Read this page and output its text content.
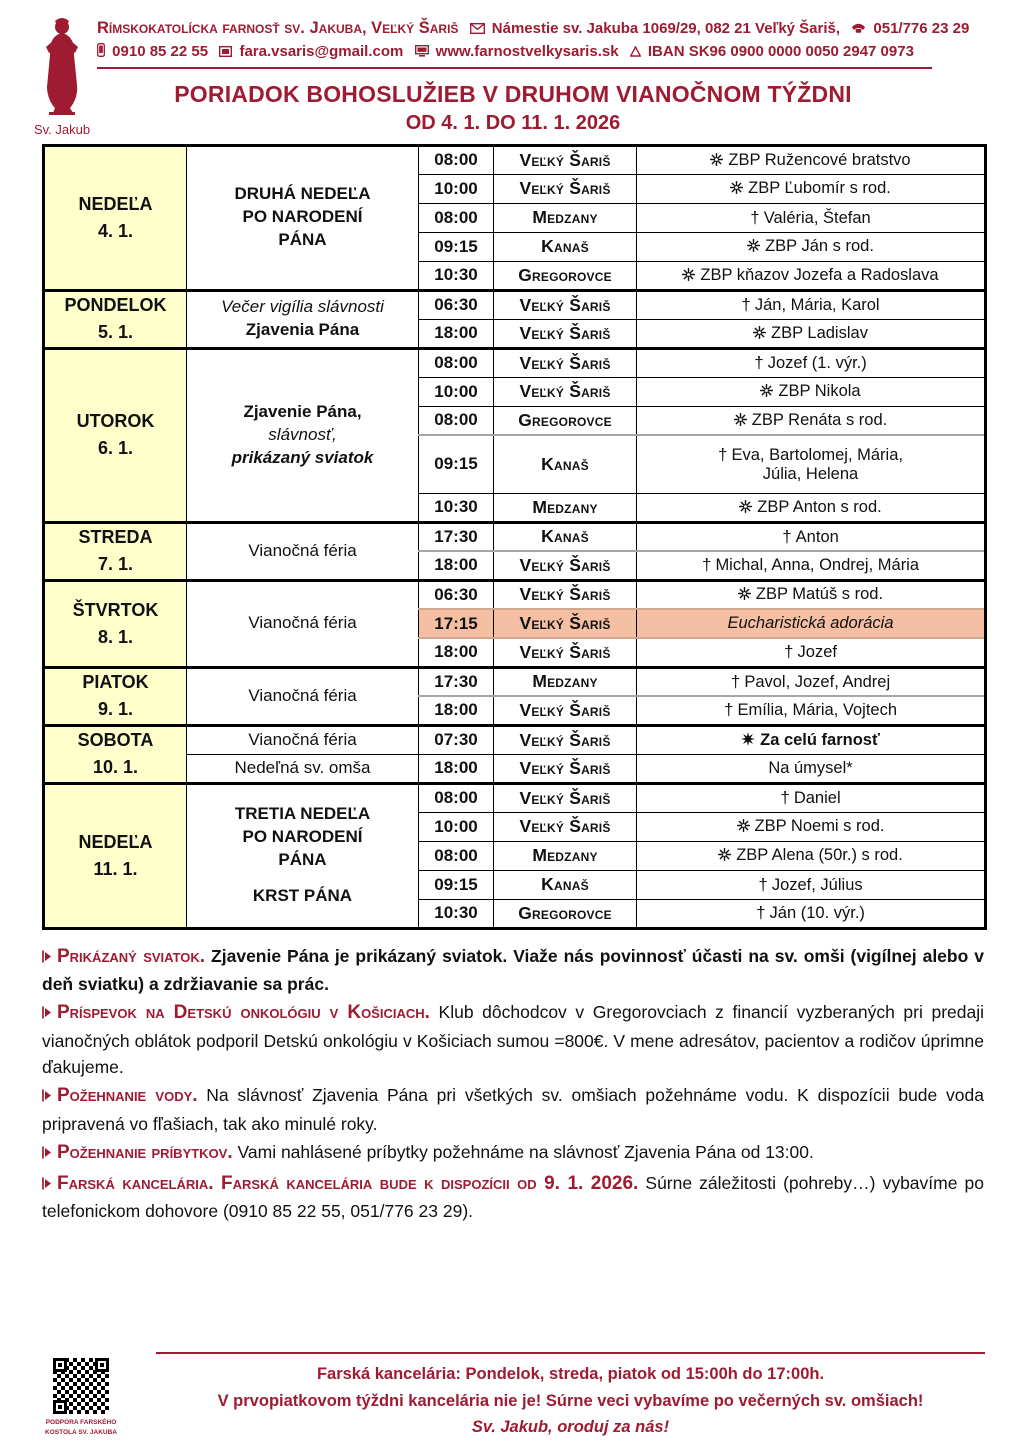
Sv. Jakub
Rímskokatolícka farnosť sv. Jakuba, Veľký Šariš Námestie sv. Jakuba 1069/29, 082 21 Veľký Šariš, 051/776 23 29
0910 85 22 55 fara.vsaris@gmail.com www.farnostvelkysaris.sk IBAN SK96 0900 0000 0050 2947 0973
PORIADOK BOHOSLUŽIEB V DRUHOM VIANOČNOM TÝŽDNI
OD 4. 1. DO 11. 1. 2026
NEDEĽA
4. 1.

DRUHÁ NEDEĽA
PO NARODENÍ
PÁNA
	08:00	Veľký Šariš	ZBP Ružencové bratstvo
		10:00	Veľký Šariš	ZBP Ľubomír s rod.
		08:00	Medzany	† Valéria, Štefan
		09:15	Kanaš	ZBP Ján s rod.
		10:30	Gregorovce	ZBP kňazov Jozefa a Radoslava

PONDELOK
5. 1.

Večer vigília slávnosti
Zjavenia Pána
	06:30	Veľký Šariš	† Ján, Mária, Karol
		18:00	Veľký Šariš	ZBP Ladislav

UTOROK
6. 1.

Zjavenie Pána,
slávnosť,
prikázaný sviatok
	08:00	Veľký Šariš	† Jozef (1. výr.)
		10:00	Veľký Šariš	ZBP Nikola
		08:00	Gregorovce	ZBP Renáta s rod.
		09:15	Kanaš	† Eva, Bartolomej, Mária,
Júlia, Helena
		10:30	Medzany	ZBP Anton s rod.

STREDA
7. 1.	Vianočná féria	17:30	Kanaš	† Anton
		18:00	Veľký Šariš	† Michal, Anna, Ondrej, Mária

ŠTVRTOK
8. 1.	Vianočná féria	06:30	Veľký Šariš	ZBP Matúš s rod.
		17:15	Veľký Šariš	Eucharistická adorácia
		18:00	Veľký Šariš	† Jozef

PIATOK
9. 1.	Vianočná féria	17:30	Medzany	† Pavol, Jozef, Andrej
		18:00	Veľký Šariš	† Emília, Mária, Vojtech

SOBOTA
10. 1.	Vianočná féria	07:30	Veľký Šariš	Za celú farnosť
	Nedeľná sv. omša	18:00	Veľký Šariš	Na úmysel*

NEDEĽA
11. 1.

TRETIA NEDEĽA
PO NARODENÍ
PÁNA
KRST PÁNA
	08:00	Veľký Šariš	† Daniel
		10:00	Veľký Šariš	ZBP Noemi s rod.
		08:00	Medzany	ZBP Alena (50r.) s rod.
		09:15	Kanaš	† Jozef, Július
		10:30	Gregorovce	† Ján (10. výr.)
Prikázaný sviatok. Zjavenie Pána je prikázaný sviatok. Viaže nás povinnosť účasti na sv. omši (vigílnej alebo v deň sviatku) a zdržiavanie sa prác.
Príspevok na Detskú onkológiu v Košiciach. Klub dôchodcov v Gregorovciach z financií vyzberaných pri predaji vianočných oblátok podporil Detskú onkológiu v Košiciach sumou =800€. V mene adresátov, pacientov a rodičov úprimne ďakujeme.
Požehnanie vody. Na slávnosť Zjavenia Pána pri všetkých sv. omšiach požehnáme vodu. K dispozícii bude voda pripravená vo fľašiach, tak ako minulé roky.
Požehnanie príbytkov. Vami nahlásené príbytky požehnáme na slávnosť Zjavenia Pána od 13:00.
Farská kancelária. Farská kancelária bude k dispozícii od 9. 1. 2026. Súrne záležitosti (pohreby…) vybavíme po telefonickom dohovore (0910 85 22 55, 051/776 23 29).
PODPORA FARSKÉHO
KOSTOLA SV. JAKUBA
Farská kancelária: Pondelok, streda, piatok od 15:00h do 17:00h.
V prvopiatkovom týždni kancelária nie je! Súrne veci vybavíme po večerných sv. omšiach!
Sv. Jakub, oroduj za nás!
